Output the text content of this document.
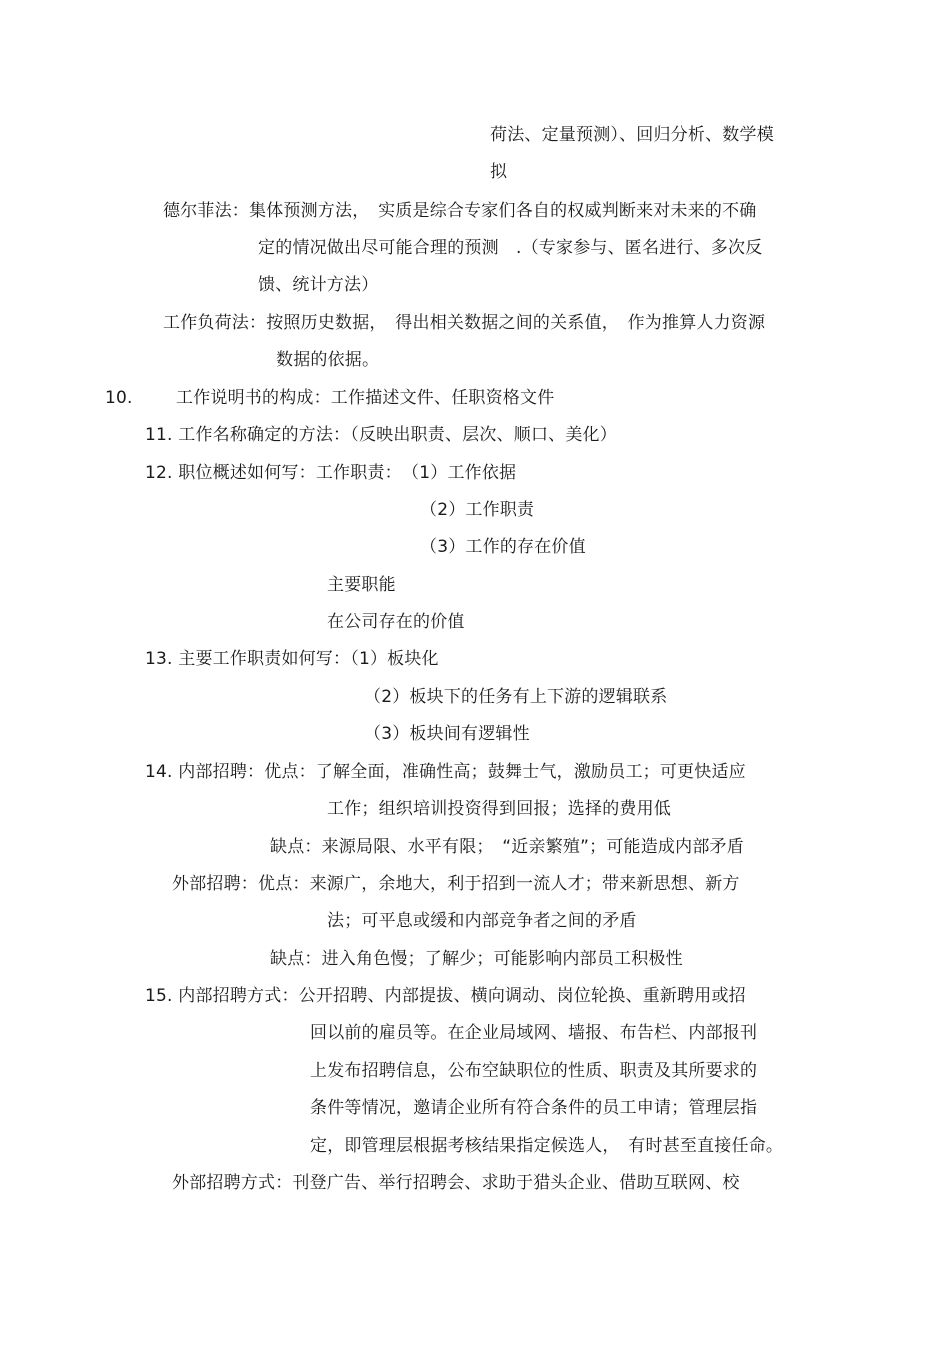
荷法、定量预测）、回归分析、数学模
拟
德尔菲法：集体预测方法，　实质是综合专家们各自的权威判断来对未来的不确
定的情况做出尽可能合理的预测　.（专家参与、匿名进行、多次反
馈、统计方法）
工作负荷法：按照历史数据，　得出相关数据之间的关系值，　作为推算人力资源
数据的依据。
10.	工作说明书的构成：工作描述文件、任职资格文件
11. 工作名称确定的方法：（反映出职责、层次、顺口、美化）
12. 职位概述如何写：工作职责：　（1）工作依据
（2）工作职责
（3）工作的存在价值
主要职能
在公司存在的价值
13. 主要工作职责如何写：（1）板块化
（2）板块下的任务有上下游的逻辑联系
（3）板块间有逻辑性
14. 内部招聘：优点：了解全面，准确性高；鼓舞士气，激励员工；可更快适应
工作；组织培训投资得到回报；选择的费用低
缺点：来源局限、水平有限；　“近亲繁殖”；可能造成内部矛盾
外部招聘：优点：来源广，余地大，利于招到一流人才；带来新思想、新方
法；可平息或缓和内部竞争者之间的矛盾
缺点：进入角色慢；了解少；可能影响内部员工积极性
15. 内部招聘方式：公开招聘、内部提拔、横向调动、岗位轮换、重新聘用或招
回以前的雇员等。在企业局域网、墙报、布告栏、内部报刊
上发布招聘信息，公布空缺职位的性质、职责及其所要求的
条件等情况，邀请企业所有符合条件的员工申请；管理层指
定，即管理层根据考核结果指定候选人，　有时甚至直接任命。
外部招聘方式：刊登广告、举行招聘会、求助于猎头企业、借助互联网、校
